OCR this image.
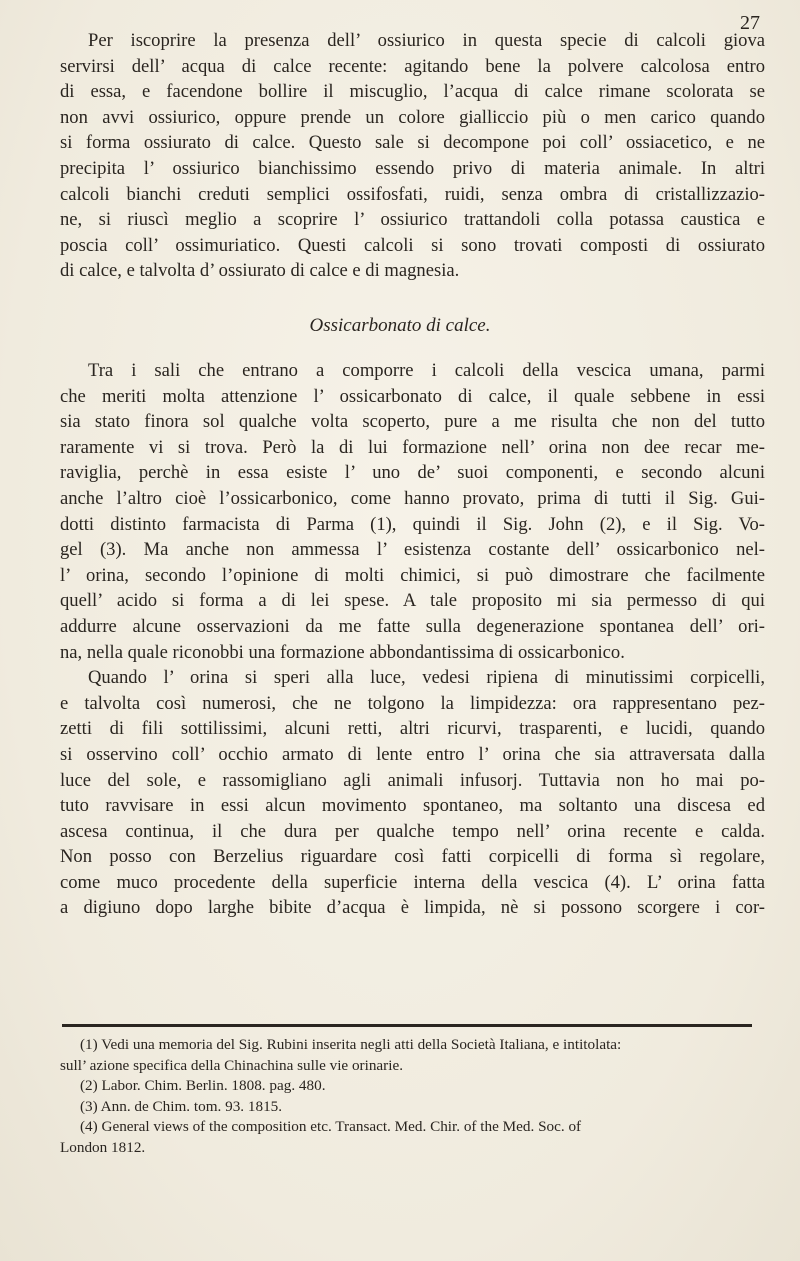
27
Per iscoprire la presenza dell’ ossiurico in questa specie di calcoli giova
servirsi dell’ acqua di calce recente: agitando bene la polvere calcolosa entro
di essa, e facendone bollire il miscuglio, l’acqua di calce rimane scolorata se
non avvi ossiurico, oppure prende un colore gialliccio più o men carico quando
si forma ossiurato di calce. Questo sale si decompone poi coll’ ossiacetico, e ne
precipita l’ ossiurico bianchissimo essendo privo di materia animale. In altri
calcoli bianchi creduti semplici ossifosfati, ruidi, senza ombra di cristallizzazio-
ne, si riuscì meglio a scoprire l’ ossiurico trattandoli colla potassa caustica e
poscia coll’ ossimuriatico. Questi calcoli si sono trovati composti di ossiurato
di calce, e talvolta d’ ossiurato di calce e di magnesia.
Ossicarbonato di calce.
Tra i sali che entrano a comporre i calcoli della vescica umana, parmi
che meriti molta attenzione l’ ossicarbonato di calce, il quale sebbene in essi
sia stato finora sol qualche volta scoperto, pure a me risulta che non del tutto
raramente vi si trova. Però la di lui formazione nell’ orina non dee recar me-
raviglia, perchè in essa esiste l’ uno de’ suoi componenti, e secondo alcuni
anche l’altro cioè l’ossicarbonico, come hanno provato, prima di tutti il Sig. Gui-
dotti distinto farmacista di Parma (1), quindi il Sig. John (2), e il Sig. Vo-
gel (3). Ma anche non ammessa l’ esistenza costante dell’ ossicarbonico nel-
l’ orina, secondo l’opinione di molti chimici, si può dimostrare che facilmente
quell’ acido si forma a di lei spese. A tale proposito mi sia permesso di qui
addurre alcune osservazioni da me fatte sulla degenerazione spontanea dell’ ori-
na, nella quale riconobbi una formazione abbondantissima di ossicarbonico.
Quando l’ orina si speri alla luce, vedesi ripiena di minutissimi corpicelli,
e talvolta così numerosi, che ne tolgono la limpidezza: ora rappresentano pez-
zetti di fili sottilissimi, alcuni retti, altri ricurvi, trasparenti, e lucidi, quando
si osservino coll’ occhio armato di lente entro l’ orina che sia attraversata dalla
luce del sole, e rassomigliano agli animali infusorj. Tuttavia non ho mai po-
tuto ravvisare in essi alcun movimento spontaneo, ma soltanto una discesa ed
ascesa continua, il che dura per qualche tempo nell’ orina recente e calda.
Non posso con Berzelius riguardare così fatti corpicelli di forma sì regolare,
come muco procedente della superficie interna della vescica (4). L’ orina fatta
a digiuno dopo larghe bibite d’acqua è limpida, nè si possono scorgere i cor-
(1) Vedi una memoria del Sig. Rubini inserita negli atti della Società Italiana, e intitolata:
sull’ azione specifica della Chinachina sulle vie orinarie.
(2) Labor. Chim. Berlin. 1808. pag. 480.
(3) Ann. de Chim. tom. 93. 1815.
(4) General views of the composition etc. Transact. Med. Chir. of the Med. Soc. of
London 1812.
